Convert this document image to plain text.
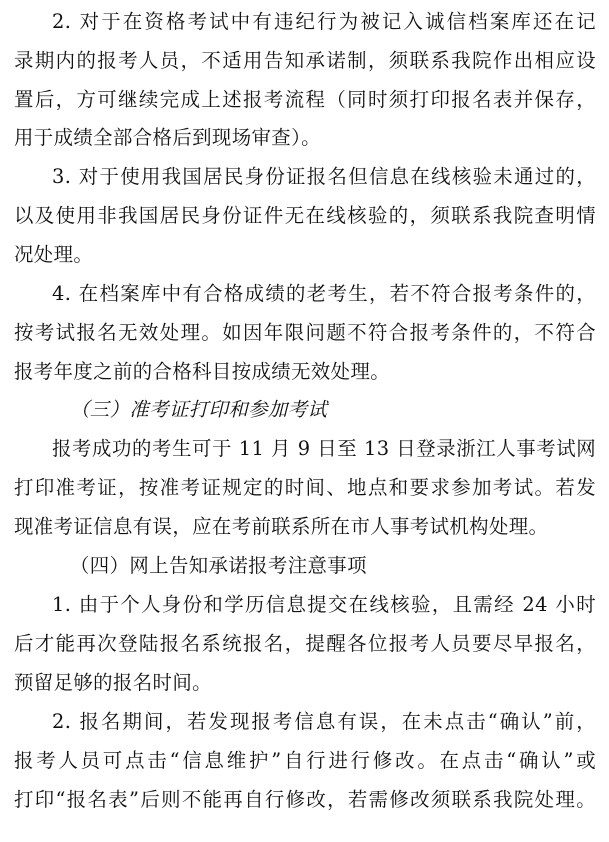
2. 对于在资格考试中有违纪行为被记入诚信档案库还在记
录期内的报考人员，不适用告知承诺制，须联系我院作出相应设
置后，方可继续完成上述报考流程（同时须打印报名表并保存，
用于成绩全部合格后到现场审查）。
3. 对于使用我国居民身份证报名但信息在线核验未通过的，
以及使用非我国居民身份证件无在线核验的，须联系我院查明情
况处理。
4. 在档案库中有合格成绩的老考生，若不符合报考条件的，
按考试报名无效处理。如因年限问题不符合报考条件的，不符合
报考年度之前的合格科目按成绩无效处理。
（三）准考证打印和参加考试
报考成功的考生可于 11 月 9 日至 13 日登录浙江人事考试网
打印准考证，按准考证规定的时间、地点和要求参加考试。若发
现准考证信息有误，应在考前联系所在市人事考试机构处理。
（四）网上告知承诺报考注意事项
1. 由于个人身份和学历信息提交在线核验，且需经 24 小时
后才能再次登陆报名系统报名，提醒各位报考人员要尽早报名，
预留足够的报名时间。
2. 报名期间，若发现报考信息有误，在未点击“确认”前，
报考人员可点击“信息维护”自行进行修改。在点击“确认”或
打印“报名表”后则不能再自行修改，若需修改须联系我院处理。
